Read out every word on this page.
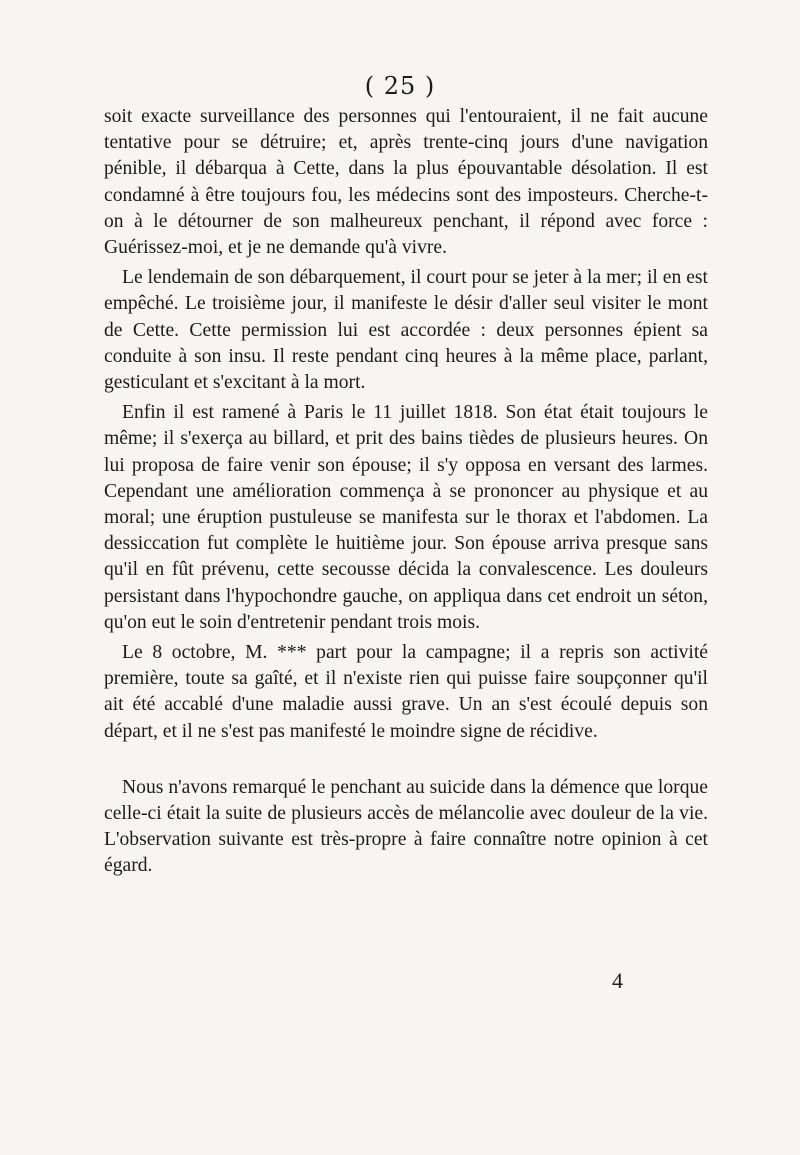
( 25 )

soit exacte surveillance des personnes qui l'entouraient, il ne fait aucune tentative pour se détruire; et, après trente-cinq jours d'une navigation pénible, il débarqua à Cette, dans la plus épouvantable désolation. Il est condamné à être toujours fou, les médecins sont des imposteurs. Cherche-t-on à le détourner de son malheureux penchant, il répond avec force : Guérissez-moi, et je ne demande qu'à vivre.

Le lendemain de son débarquement, il court pour se jeter à la mer; il en est empêché. Le troisième jour, il manifeste le désir d'aller seul visiter le mont de Cette. Cette permission lui est accordée : deux personnes épient sa conduite à son insu. Il reste pendant cinq heures à la même place, parlant, gesticulant et s'excitant à la mort.

Enfin il est ramené à Paris le 11 juillet 1818. Son état était toujours le même; il s'exerça au billard, et prit des bains tièdes de plusieurs heures. On lui proposa de faire venir son épouse; il s'y opposa en versant des larmes. Cependant une amélioration commença à se prononcer au physique et au moral; une éruption pustuleuse se manifesta sur le thorax et l'abdomen. La dessiccation fut complète le huitième jour. Son épouse arriva presque sans qu'il en fût prévenu, cette secousse décida la convalescence. Les douleurs persistant dans l'hypochondre gauche, on appliqua dans cet endroit un séton, qu'on eut le soin d'entretenir pendant trois mois.

Le 8 octobre, M. *** part pour la campagne; il a repris son activité première, toute sa gaîté, et il n'existe rien qui puisse faire soupçonner qu'il ait été accablé d'une maladie aussi grave. Un an s'est écoulé depuis son départ, et il ne s'est pas manifesté le moindre signe de récidive.

Nous n'avons remarqué le penchant au suicide dans la démence que lorque celle-ci était la suite de plusieurs accès de mélancolie avec douleur de la vie. L'observation suivante est très-propre à faire connaître notre opinion à cet égard.

4
